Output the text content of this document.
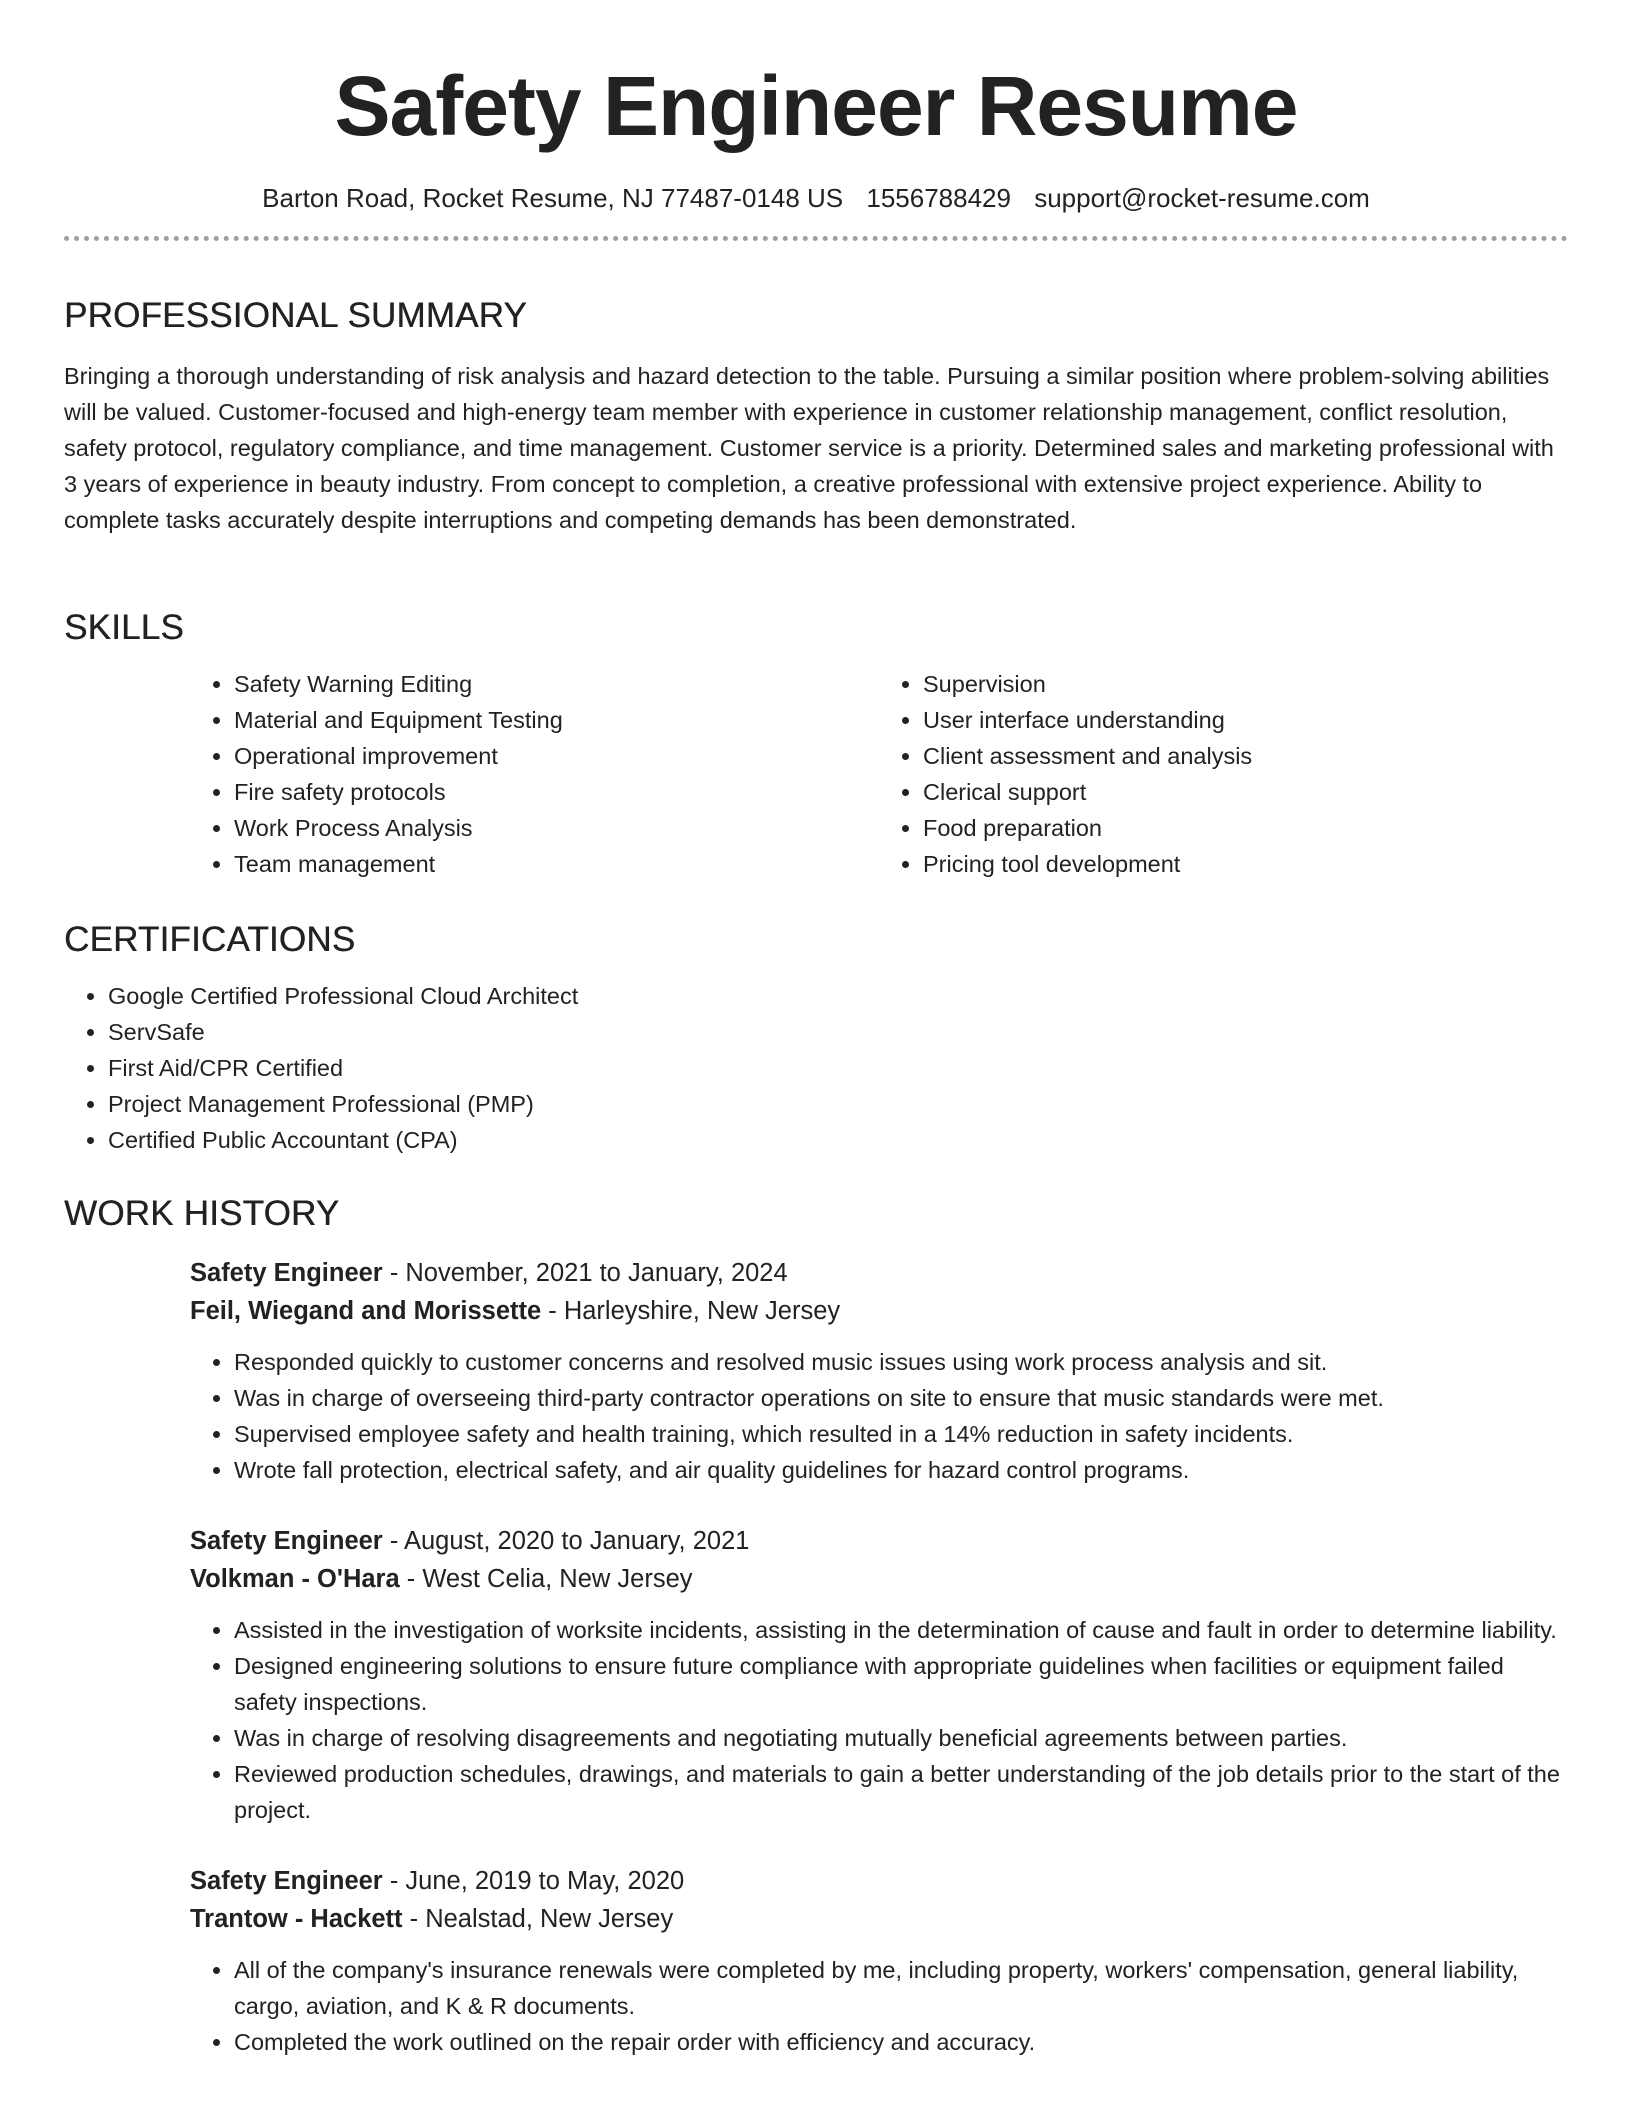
Safety Engineer Resume
Barton Road, Rocket Resume, NJ 77487-0148 US 1556788429 support@rocket-resume.com
PROFESSIONAL SUMMARY

Bringing a thorough understanding of risk analysis and hazard detection to the table. Pursuing a similar position where problem-solving abilities will be valued. Customer-focused and high-energy team member with experience in customer relationship management, conflict resolution, safety protocol, regulatory compliance, and time management. Customer service is a priority. Determined sales and marketing professional with 3 years of experience in beauty industry. From concept to completion, a creative professional with extensive project experience. Ability to complete tasks accurately despite interruptions and competing demands has been demonstrated.

SKILLS
• Safety Warning Editing
• Material and Equipment Testing
• Operational improvement
• Fire safety protocols
• Work Process Analysis
• Team management
• Supervision
• User interface understanding
• Client assessment and analysis
• Clerical support
• Food preparation
• Pricing tool development
CERTIFICATIONS
• Google Certified Professional Cloud Architect
• ServSafe
• First Aid/CPR Certified
• Project Management Professional (PMP)
• Certified Public Accountant (CPA)
WORK HISTORY

Safety Engineer - November, 2021 to January, 2024

Feil, Wiegand and Morissette - Harleyshire, New Jersey

• Responded quickly to customer concerns and resolved music issues using work process analysis and sit.
• Was in charge of overseeing third-party contractor operations on site to ensure that music standards were met.
• Supervised employee safety and health training, which resulted in a 14% reduction in safety incidents.
• Wrote fall protection, electrical safety, and air quality guidelines for hazard control programs.

Safety Engineer - August, 2020 to January, 2021

Volkman - O'Hara - West Celia, New Jersey

• Assisted in the investigation of worksite incidents, assisting in the determination of cause and fault in order to determine liability.
• Designed engineering solutions to ensure future compliance with appropriate guidelines when facilities or equipment failed safety inspections.
• Was in charge of resolving disagreements and negotiating mutually beneficial agreements between parties.
• Reviewed production schedules, drawings, and materials to gain a better understanding of the job details prior to the start of the project.

Safety Engineer - June, 2019 to May, 2020

Trantow - Hackett - Nealstad, New Jersey

• All of the company's insurance renewals were completed by me, including property, workers' compensation, general liability, cargo, aviation, and K & R documents.
• Completed the work outlined on the repair order with efficiency and accuracy.
